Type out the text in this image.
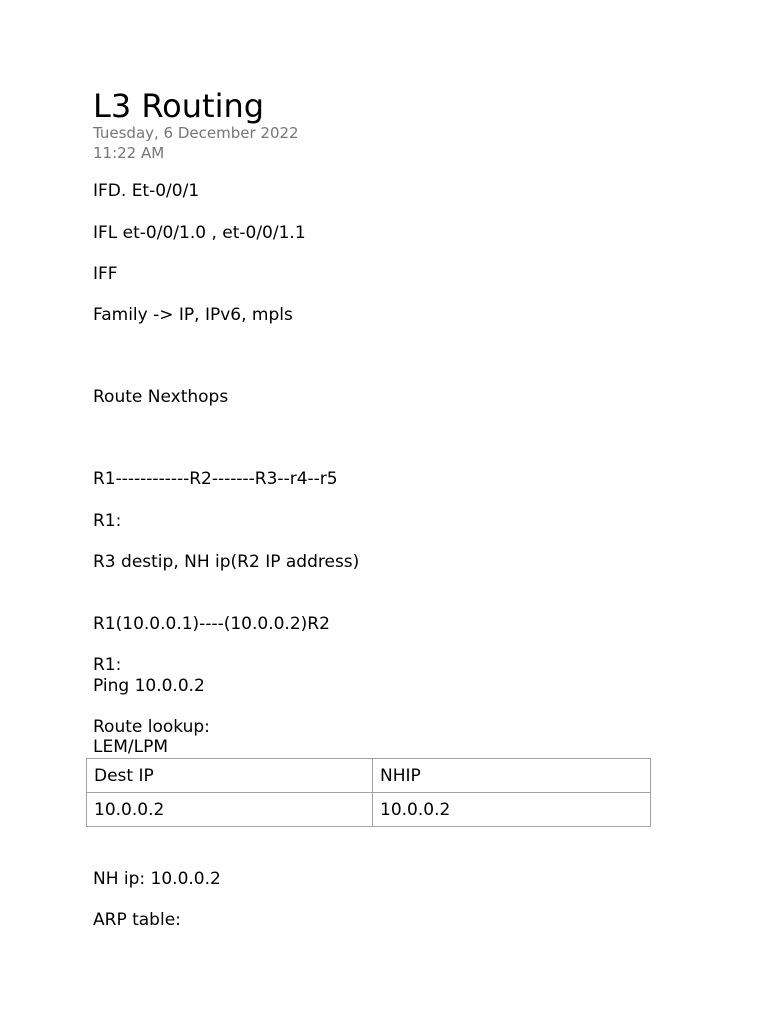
L3 Routing
Tuesday, 6 December 2022
11:22 AM
IFD. Et-0/0/1
IFL et-0/0/1.0 , et-0/0/1.1
IFF
Family -> IP, IPv6, mpls
Route Nexthops
R1------------R2-------R3--r4--r5
R1:
R3 destip, NH ip(R2 IP address)
R1(10.0.0.1)----(10.0.0.2)R2
R1:
Ping 10.0.0.2
Route lookup:
LEM/LPM
Dest IP	NHIP
10.0.0.2	10.0.0.2
NH ip: 10.0.0.2
ARP table:
